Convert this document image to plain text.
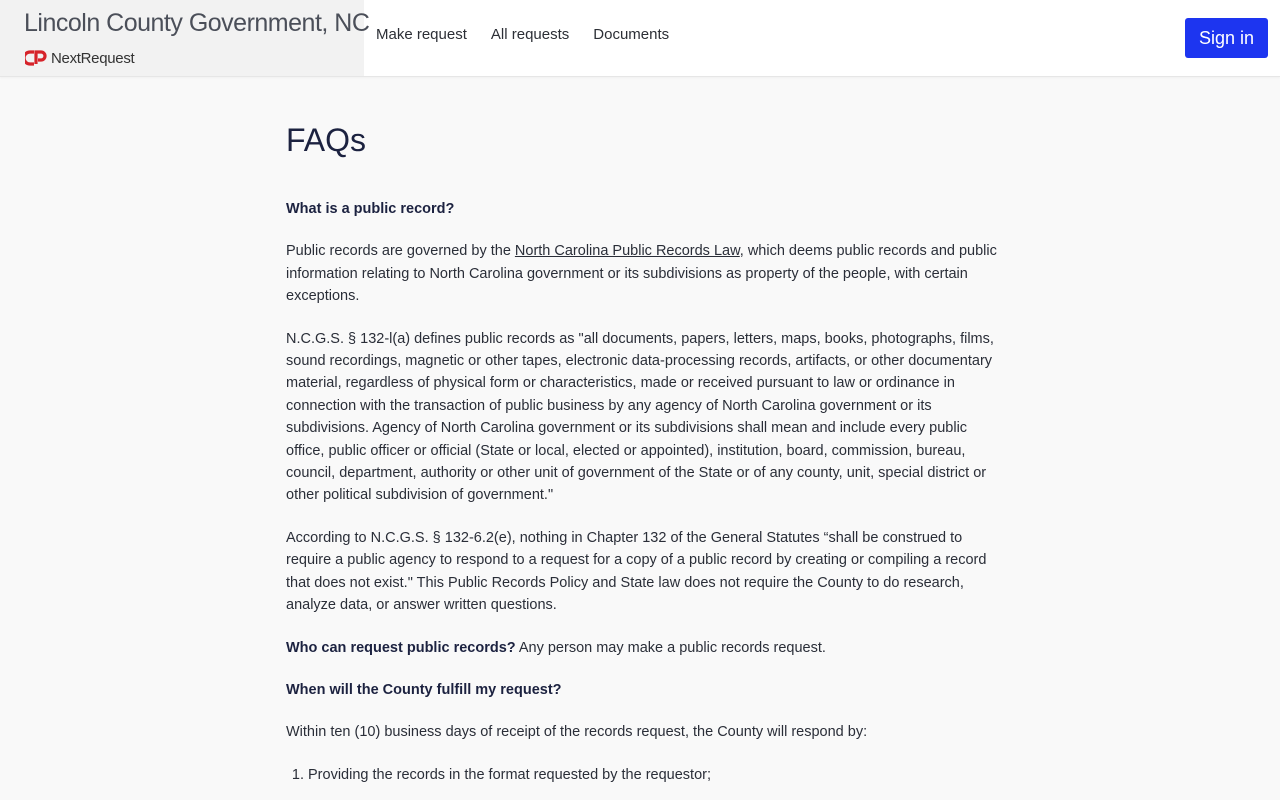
Lincoln County Government, NC
NextRequest
Make request All requests Documents	Sign in
FAQs

What is a public record?

Public records are governed by the North Carolina Public Records Law, which deems public records and public information relating to North Carolina government or its subdivisions as property of the people, with certain exceptions.

N.C.G.S. § 132-l(a) defines public records as "all documents, papers, letters, maps, books, photographs, films, sound recordings, magnetic or other tapes, electronic data-processing records, artifacts, or other documentary material, regardless of physical form or characteristics, made or received pursuant to law or ordinance in connection with the transaction of public business by any agency of North Carolina government or its subdivisions. Agency of North Carolina government or its subdivisions shall mean and include every public office, public officer or official (State or local, elected or appointed), institution, board, commission, bureau, council, department, authority or other unit of government of the State or of any county, unit, special district or other political subdivision of government."

According to N.C.G.S. § 132-6.2(e), nothing in Chapter 132 of the General Statutes “shall be construed to require a public agency to respond to a request for a copy of a public record by creating or compiling a record that does not exist." This Public Records Policy and State law does not require the County to do research, analyze data, or answer written questions.

Who can request public records? Any person may make a public records request.

When will the County fulfill my request?

Within ten (10) business days of receipt of the records request, the County will respond by:

1. Providing the records in the format requested by the requestor;
